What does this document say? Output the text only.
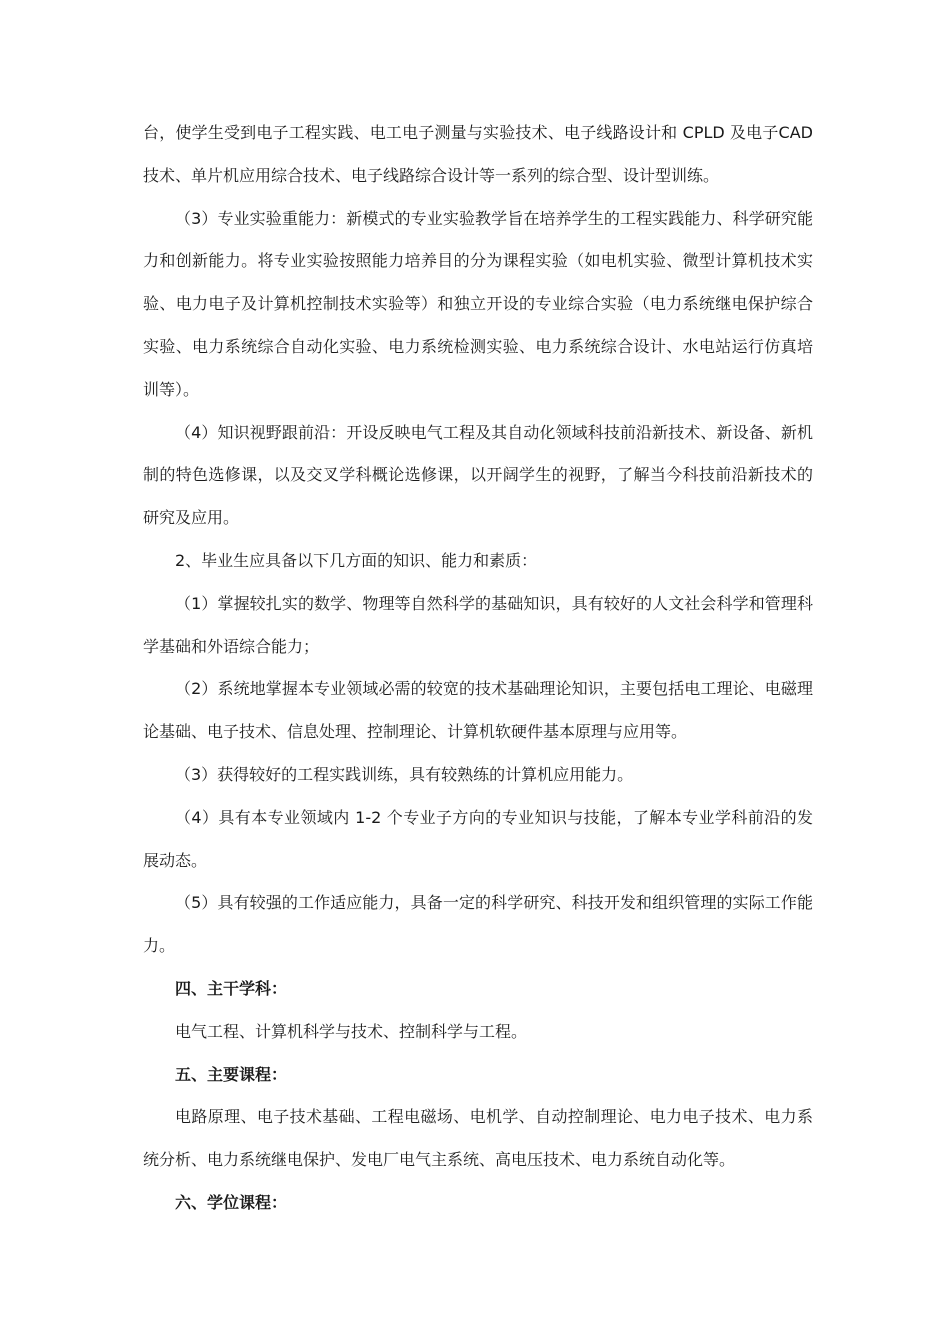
台，使学生受到电子工程实践、电工电子测量与实验技术、电子线路设计和 CPLD 及电子CAD 技术、单片机应用综合技术、电子线路综合设计等一系列的综合型、设计型训练。

（3）专业实验重能力：新模式的专业实验教学旨在培养学生的工程实践能力、科学研究能力和创新能力。将专业实验按照能力培养目的分为课程实验（如电机实验、微型计算机技术实验、电力电子及计算机控制技术实验等）和独立开设的专业综合实验（电力系统继电保护综合实验、电力系统综合自动化实验、电力系统检测实验、电力系统综合设计、水电站运行仿真培训等）。

（4）知识视野跟前沿：开设反映电气工程及其自动化领域科技前沿新技术、新设备、新机制的特色选修课，以及交叉学科概论选修课，以开阔学生的视野，了解当今科技前沿新技术的研究及应用。

2、毕业生应具备以下几方面的知识、能力和素质：

（1）掌握较扎实的数学、物理等自然科学的基础知识，具有较好的人文社会科学和管理科学基础和外语综合能力；

（2）系统地掌握本专业领域必需的较宽的技术基础理论知识，主要包括电工理论、电磁理论基础、电子技术、信息处理、控制理论、计算机软硬件基本原理与应用等。

（3）获得较好的工程实践训练，具有较熟练的计算机应用能力。

（4）具有本专业领域内 1-2 个专业子方向的专业知识与技能，了解本专业学科前沿的发展动态。

（5）具有较强的工作适应能力，具备一定的科学研究、科技开发和组织管理的实际工作能力。

四、主干学科：

电气工程、计算机科学与技术、控制科学与工程。

五、主要课程：

电路原理、电子技术基础、工程电磁场、电机学、自动控制理论、电力电子技术、电力系统分析、电力系统继电保护、发电厂电气主系统、高电压技术、电力系统自动化等。

六、学位课程：
